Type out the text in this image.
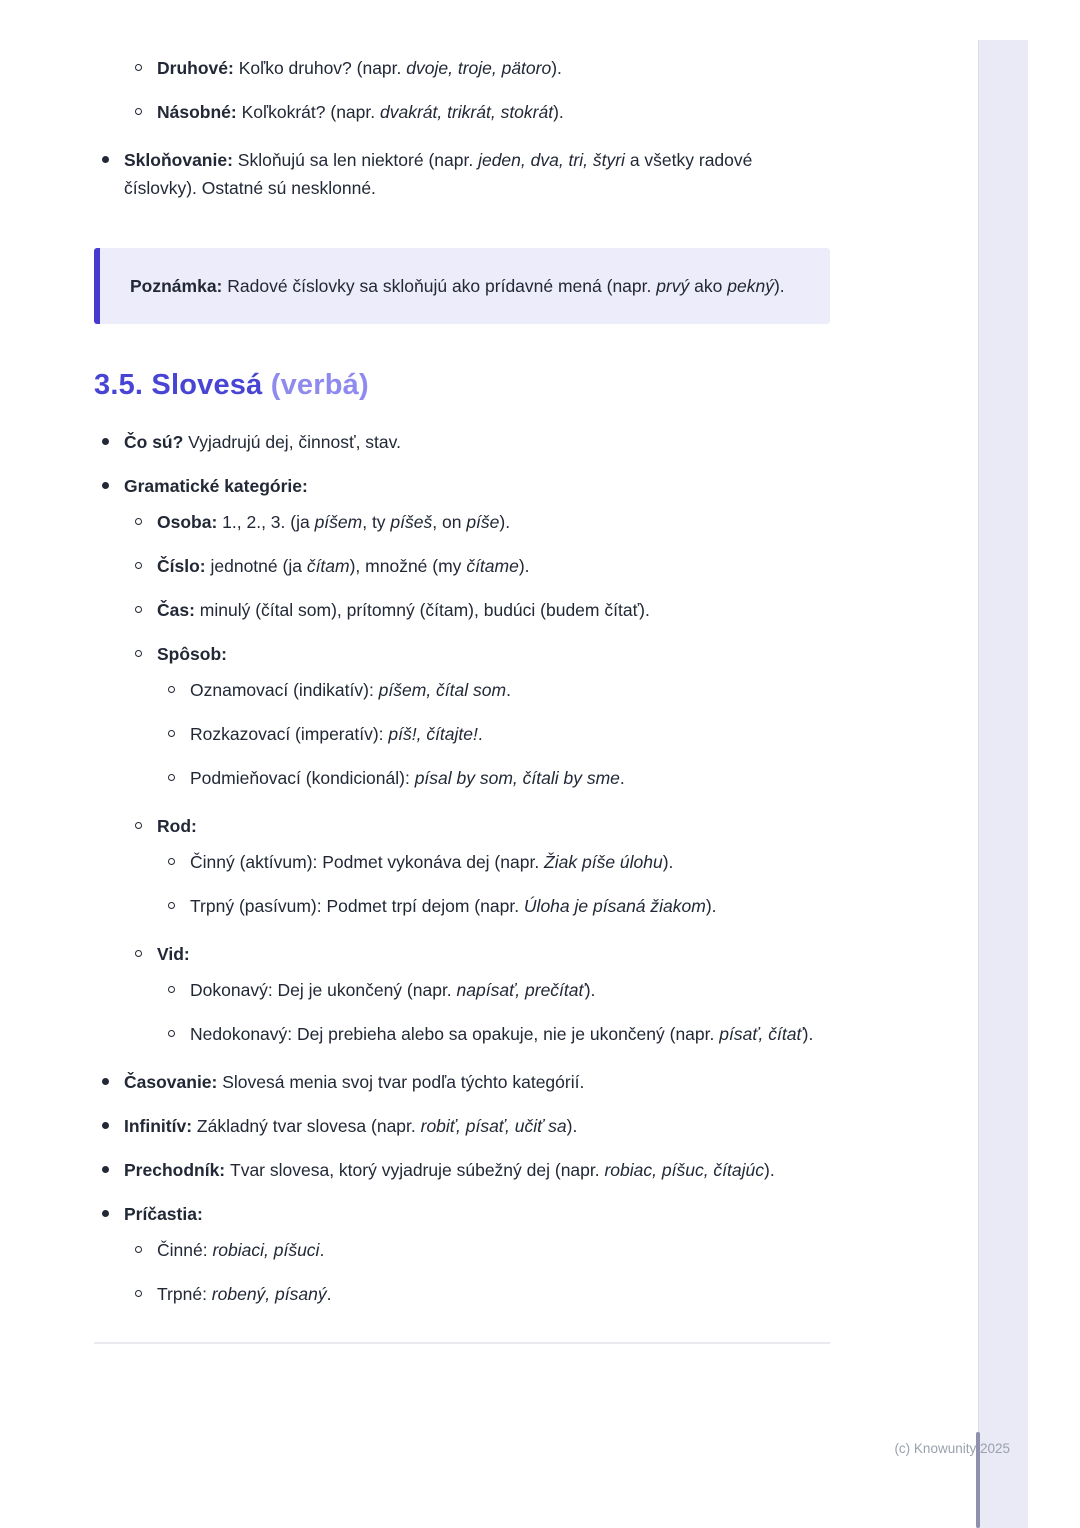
Druhové: Koľko druhov? (napr. dvoje, troje, pätoro).
Násobné: Koľkokrát? (napr. dvakrát, trikrát, stokrát).
Skloňovanie: Skloňujú sa len niektoré (napr. jeden, dva, tri, štyri a všetky radové číslovky). Ostatné sú nesklonné.

Poznámka: Radové číslovky sa skloňujú ako prídavné mená (napr. prvý ako pekný).

3.5. Slovesá (verbá)
Čo sú? Vyjadrujú dej, činnosť, stav.
Gramatické kategórie:
Osoba: 1., 2., 3. (ja píšem, ty píšeš, on píše).
Číslo: jednotné (ja čítam), množné (my čítame).
Čas: minulý (čítal som), prítomný (čítam), budúci (budem čítať).
Spôsob:
Oznamovací (indikatív): píšem, čítal som.
Rozkazovací (imperatív): píš!, čítajte!.
Podmieňovací (kondicionál): písal by som, čítali by sme.
Rod:
Činný (aktívum): Podmet vykonáva dej (napr. Žiak píše úlohu).
Trpný (pasívum): Podmet trpí dejom (napr. Úloha je písaná žiakom).
Vid:
Dokonavý: Dej je ukončený (napr. napísať, prečítať).
Nedokonavý: Dej prebieha alebo sa opakuje, nie je ukončený (napr. písať, čítať).
Časovanie: Slovesá menia svoj tvar podľa týchto kategórií.
Infinitív: Základný tvar slovesa (napr. robiť, písať, učiť sa).
Prechodník: Tvar slovesa, ktorý vyjadruje súbežný dej (napr. robiac, píšuc, čítajúc).
Príčastia:
Činné: robiaci, píšuci.
Trpné: robený, písaný.
(c) Knowunity 2025
